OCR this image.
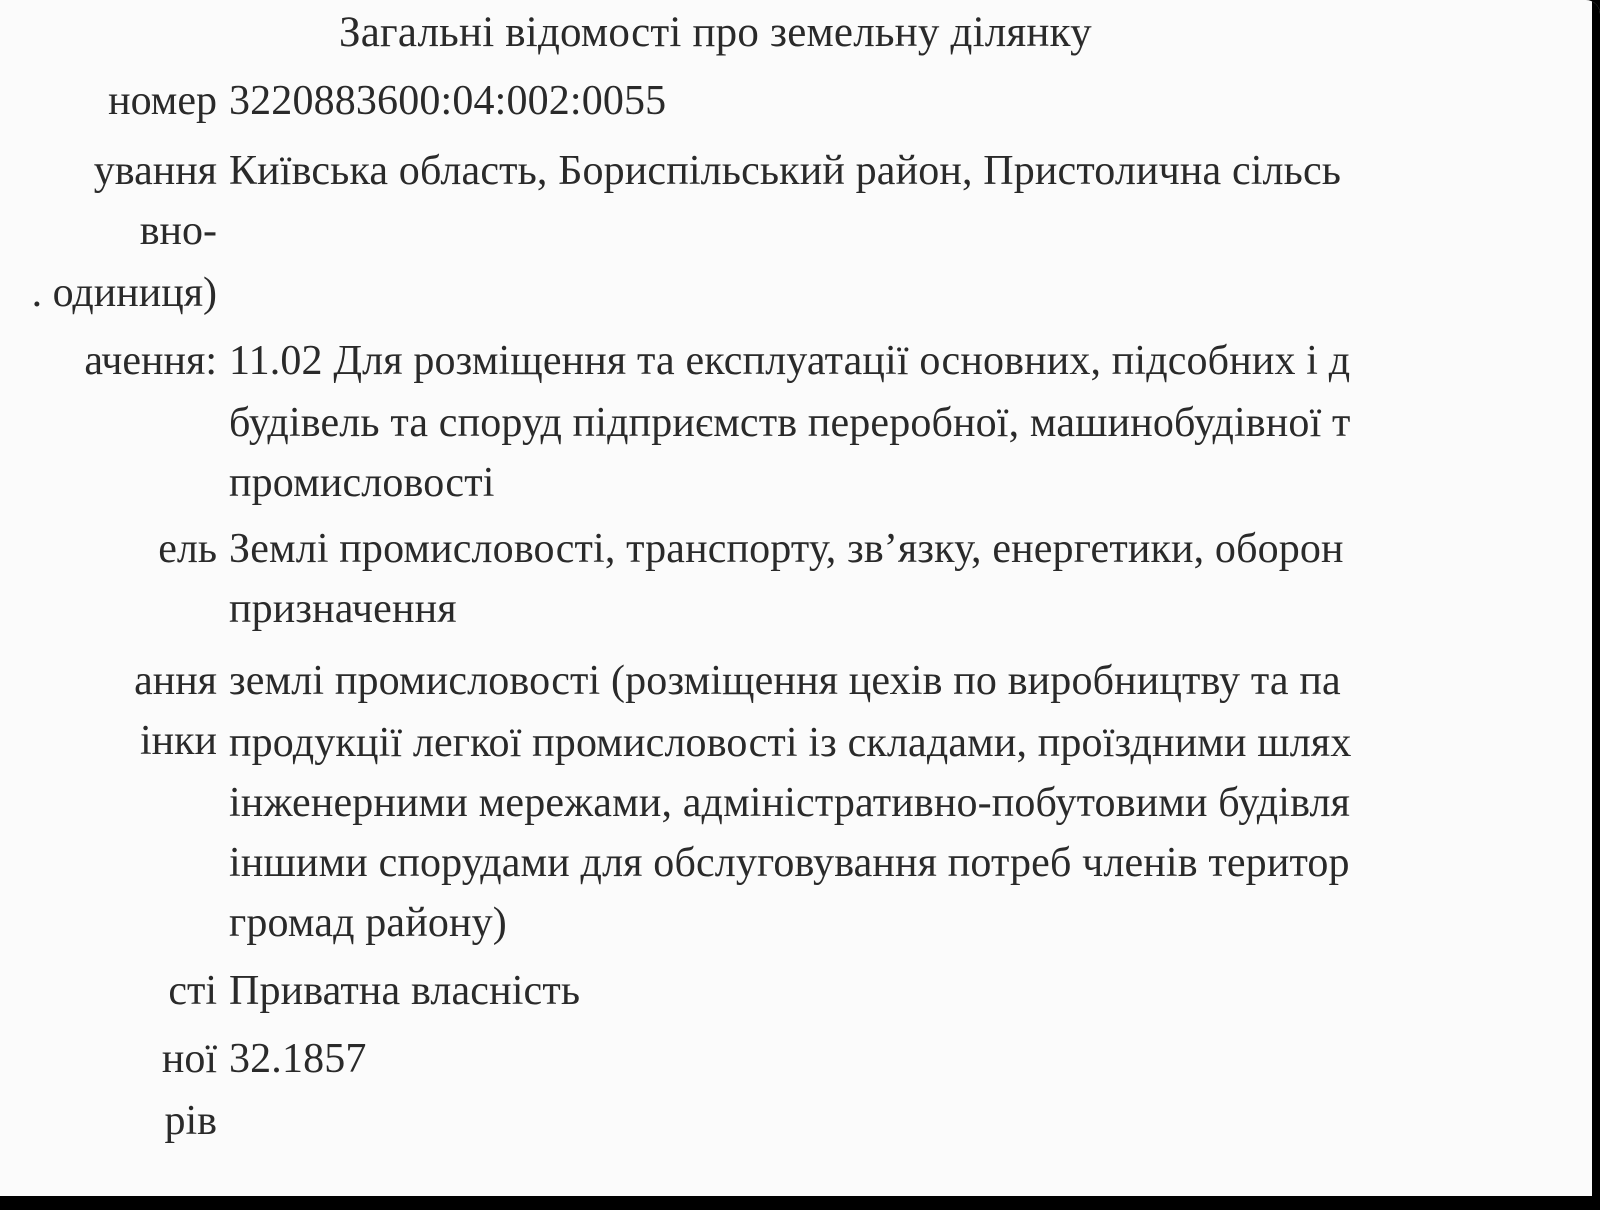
Загальні відомості про земельну ділянку
номер 3220883600:04:002:0055
ування
вно-
. одиниця)
Київська область, Бориспільський район, Пристолична сільсь
ачення: 11.02 Для розміщення та експлуатації основних, підсобних і д
будівель та споруд підприємств переробної, машинобудівної т
промисловості
ель Землі промисловості, транспорту, зв’язку, енергетики, оборон
призначення
ання
інки
землі промисловості (розміщення цехів по виробництву та па
продукції легкої промисловості із складами, проїздними шлях
інженерними мережами, адміністративно-побутовими будівля
іншими спорудами для обслуговування потреб членів територ
громад району)
сті Приватна власність
ної
рів
32.1857
